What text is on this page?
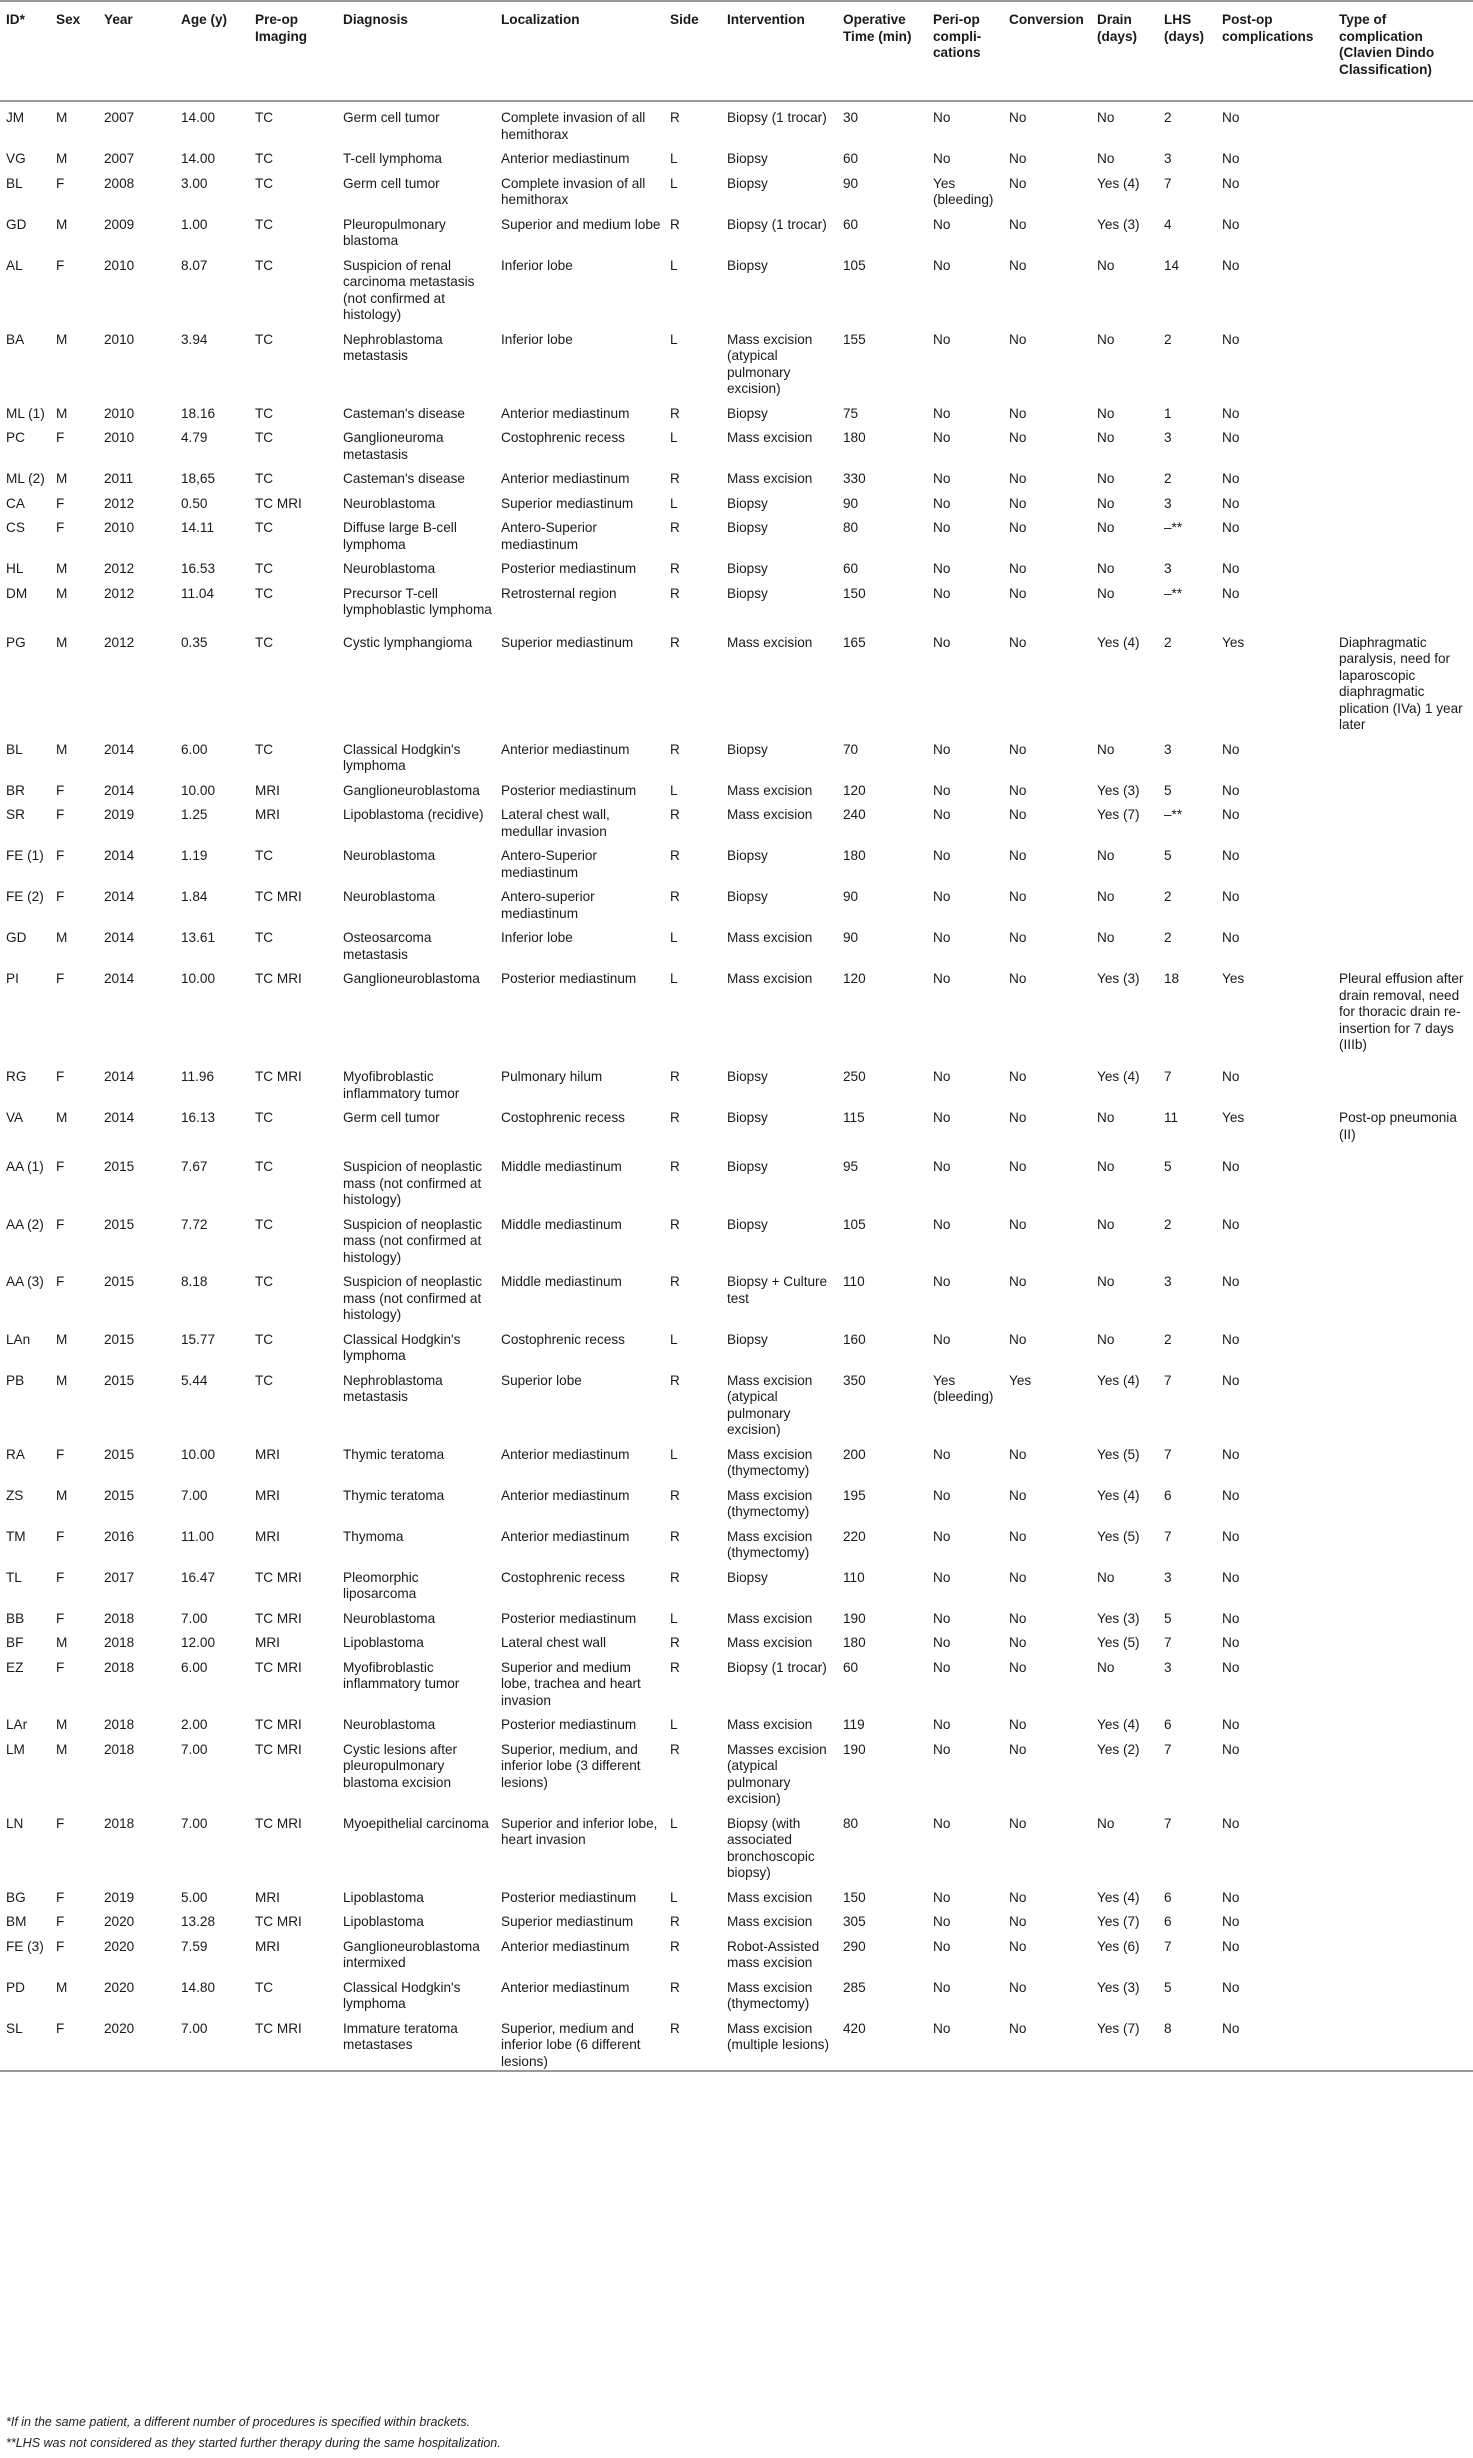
ID*	Sex	Year	Age (y)	Pre-op Imaging	Diagnosis	Localization	Side	Intervention	Operative Time (min)	Peri-op compli-cations	Conversion	Drain (days)	LHS (days)	Post-op complications	Type of complication (Clavien Dindo Classification)
JM	M	2007	14.00	TC	Germ cell tumor	Complete invasion of all hemithorax	R	Biopsy (1 trocar)	30	No	No	No	2	No	
VG	M	2007	14.00	TC	T-cell lymphoma	Anterior mediastinum	L	Biopsy	60	No	No	No	3	No	
BL	F	2008	3.00	TC	Germ cell tumor	Complete invasion of all hemithorax	L	Biopsy	90	Yes (bleeding)	No	Yes (4)	7	No	
GD	M	2009	1.00	TC	Pleuropulmonary blastoma	Superior and medium lobe	R	Biopsy (1 trocar)	60	No	No	Yes (3)	4	No	
AL	F	2010	8.07	TC	Suspicion of renal carcinoma metastasis (not confirmed at histology)	Inferior lobe	L	Biopsy	105	No	No	No	14	No	
BA	M	2010	3.94	TC	Nephroblastoma metastasis	Inferior lobe	L	Mass excision (atypical pulmonary excision)	155	No	No	No	2	No	
ML (1)	M	2010	18.16	TC	Casteman's disease	Anterior mediastinum	R	Biopsy	75	No	No	No	1	No	
PC	F	2010	4.79	TC	Ganglioneuroma metastasis	Costophrenic recess	L	Mass excision	180	No	No	No	3	No	
ML (2)	M	2011	18,65	TC	Casteman's disease	Anterior mediastinum	R	Mass excision	330	No	No	No	2	No	
CA	F	2012	0.50	TC MRI	Neuroblastoma	Superior mediastinum	L	Biopsy	90	No	No	No	3	No	
CS	F	2010	14.11	TC	Diffuse large B-cell lymphoma	Antero-Superior mediastinum	R	Biopsy	80	No	No	No	–**	No	
HL	M	2012	16.53	TC	Neuroblastoma	Posterior mediastinum	R	Biopsy	60	No	No	No	3	No	
DM	M	2012	11.04	TC	Precursor T-cell lymphoblastic lymphoma	Retrosternal region	R	Biopsy	150	No	No	No	–**	No	
PG	M	2012	0.35	TC	Cystic lymphangioma	Superior mediastinum	R	Mass excision	165	No	No	Yes (4)	2	Yes	Diaphragmatic paralysis, need for laparoscopic diaphragmatic plication (IVa) 1 year later
BL	M	2014	6.00	TC	Classical Hodgkin's lymphoma	Anterior mediastinum	R	Biopsy	70	No	No	No	3	No	
BR	F	2014	10.00	MRI	Ganglioneuroblastoma	Posterior mediastinum	L	Mass excision	120	No	No	Yes (3)	5	No	
SR	F	2019	1.25	MRI	Lipoblastoma (recidive)	Lateral chest wall, medullar invasion	R	Mass excision	240	No	No	Yes (7)	–**	No	
FE (1)	F	2014	1.19	TC	Neuroblastoma	Antero-Superior mediastinum	R	Biopsy	180	No	No	No	5	No	
FE (2)	F	2014	1.84	TC MRI	Neuroblastoma	Antero-superior mediastinum	R	Biopsy	90	No	No	No	2	No	
GD	M	2014	13.61	TC	Osteosarcoma metastasis	Inferior lobe	L	Mass excision	90	No	No	No	2	No	
PI	F	2014	10.00	TC MRI	Ganglioneuroblastoma	Posterior mediastinum	L	Mass excision	120	No	No	Yes (3)	18	Yes	Pleural effusion after drain removal, need for thoracic drain re-insertion for 7 days (IIIb)
RG	F	2014	11.96	TC MRI	Myofibroblastic inflammatory tumor	Pulmonary hilum	R	Biopsy	250	No	No	Yes (4)	7	No	
VA	M	2014	16.13	TC	Germ cell tumor	Costophrenic recess	R	Biopsy	115	No	No	No	11	Yes	Post-op pneumonia (II)
AA (1)	F	2015	7.67	TC	Suspicion of neoplastic mass (not confirmed at histology)	Middle mediastinum	R	Biopsy	95	No	No	No	5	No	
AA (2)	F	2015	7.72	TC	Suspicion of neoplastic mass (not confirmed at histology)	Middle mediastinum	R	Biopsy	105	No	No	No	2	No	
AA (3)	F	2015	8.18	TC	Suspicion of neoplastic mass (not confirmed at histology)	Middle mediastinum	R	Biopsy + Culture test	110	No	No	No	3	No	
LAn	M	2015	15.77	TC	Classical Hodgkin's lymphoma	Costophrenic recess	L	Biopsy	160	No	No	No	2	No	
PB	M	2015	5.44	TC	Nephroblastoma metastasis	Superior lobe	R	Mass excision (atypical pulmonary excision)	350	Yes (bleeding)	Yes	Yes (4)	7	No	
RA	F	2015	10.00	MRI	Thymic teratoma	Anterior mediastinum	L	Mass excision (thymectomy)	200	No	No	Yes (5)	7	No	
ZS	M	2015	7.00	MRI	Thymic teratoma	Anterior mediastinum	R	Mass excision (thymectomy)	195	No	No	Yes (4)	6	No	
TM	F	2016	11.00	MRI	Thymoma	Anterior mediastinum	R	Mass excision (thymectomy)	220	No	No	Yes (5)	7	No	
TL	F	2017	16.47	TC MRI	Pleomorphic liposarcoma	Costophrenic recess	R	Biopsy	110	No	No	No	3	No	
BB	F	2018	7.00	TC MRI	Neuroblastoma	Posterior mediastinum	L	Mass excision	190	No	No	Yes (3)	5	No	
BF	M	2018	12.00	MRI	Lipoblastoma	Lateral chest wall	R	Mass excision	180	No	No	Yes (5)	7	No	
EZ	F	2018	6.00	TC MRI	Myofibroblastic inflammatory tumor	Superior and medium lobe, trachea and heart invasion	R	Biopsy (1 trocar)	60	No	No	No	3	No	
LAr	M	2018	2.00	TC MRI	Neuroblastoma	Posterior mediastinum	L	Mass excision	119	No	No	Yes (4)	6	No	
LM	M	2018	7.00	TC MRI	Cystic lesions after pleuropulmonary blastoma excision	Superior, medium, and inferior lobe (3 different lesions)	R	Masses excision (atypical pulmonary excision)	190	No	No	Yes (2)	7	No	
LN	F	2018	7.00	TC MRI	Myoepithelial carcinoma	Superior and inferior lobe, heart invasion	L	Biopsy (with associated bronchoscopic biopsy)	80	No	No	No	7	No	
BG	F	2019	5.00	MRI	Lipoblastoma	Posterior mediastinum	L	Mass excision	150	No	No	Yes (4)	6	No	
BM	F	2020	13.28	TC MRI	Lipoblastoma	Superior mediastinum	R	Mass excision	305	No	No	Yes (7)	6	No	
FE (3)	F	2020	7.59	MRI	Ganglioneuroblastoma intermixed	Anterior mediastinum	R	Robot-Assisted mass excision	290	No	No	Yes (6)	7	No	
PD	M	2020	14.80	TC	Classical Hodgkin's lymphoma	Anterior mediastinum	R	Mass excision (thymectomy)	285	No	No	Yes (3)	5	No	
SL	F	2020	7.00	TC MRI	Immature teratoma metastases	Superior, medium and inferior lobe (6 different lesions)	R	Mass excision (multiple lesions)	420	No	No	Yes (7)	8	No	
*If in the same patient, a different number of procedures is specified within brackets.
**LHS was not considered as they started further therapy during the same hospitalization.
